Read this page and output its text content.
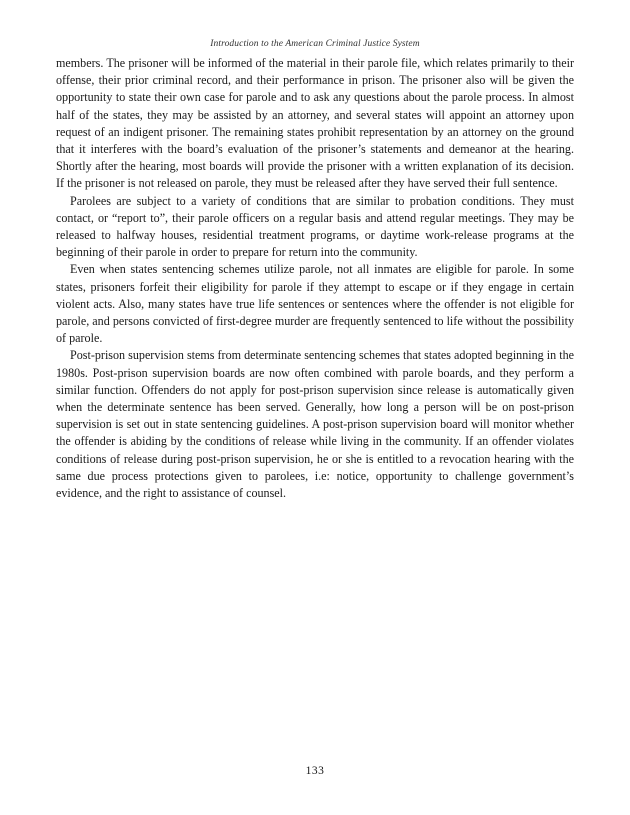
Introduction to the American Criminal Justice System

members. The prisoner will be informed of the material in their parole file, which relates primarily to their offense, their prior criminal record, and their performance in prison. The prisoner also will be given the opportunity to state their own case for parole and to ask any questions about the parole process. In almost half of the states, they may be assisted by an attorney, and several states will appoint an attorney upon request of an indigent prisoner. The remaining states prohibit representation by an attorney on the ground that it interferes with the board’s evaluation of the prisoner’s statements and demeanor at the hearing. Shortly after the hearing, most boards will provide the prisoner with a written explanation of its decision. If the prisoner is not released on parole, they must be released after they have served their full sentence.

Parolees are subject to a variety of conditions that are similar to probation conditions. They must contact, or “report to”, their parole officers on a regular basis and attend regular meetings. They may be released to halfway houses, residential treatment programs, or daytime work-release programs at the beginning of their parole in order to prepare for return into the community.

Even when states sentencing schemes utilize parole, not all inmates are eligible for parole. In some states, prisoners forfeit their eligibility for parole if they attempt to escape or if they engage in certain violent acts. Also, many states have true life sentences or sentences where the offender is not eligible for parole, and persons convicted of first-degree murder are frequently sentenced to life without the possibility of parole.

Post-prison supervision stems from determinate sentencing schemes that states adopted beginning in the 1980s. Post-prison supervision boards are now often combined with parole boards, and they perform a similar function. Offenders do not apply for post-prison supervision since release is automatically given when the determinate sentence has been served. Generally, how long a person will be on post-prison supervision is set out in state sentencing guidelines. A post-prison supervision board will monitor whether the offender is abiding by the conditions of release while living in the community. If an offender violates conditions of release during post-prison supervision, he or she is entitled to a revocation hearing with the same due process protections given to parolees, i.e: notice, opportunity to challenge government’s evidence, and the right to assistance of counsel.

133
